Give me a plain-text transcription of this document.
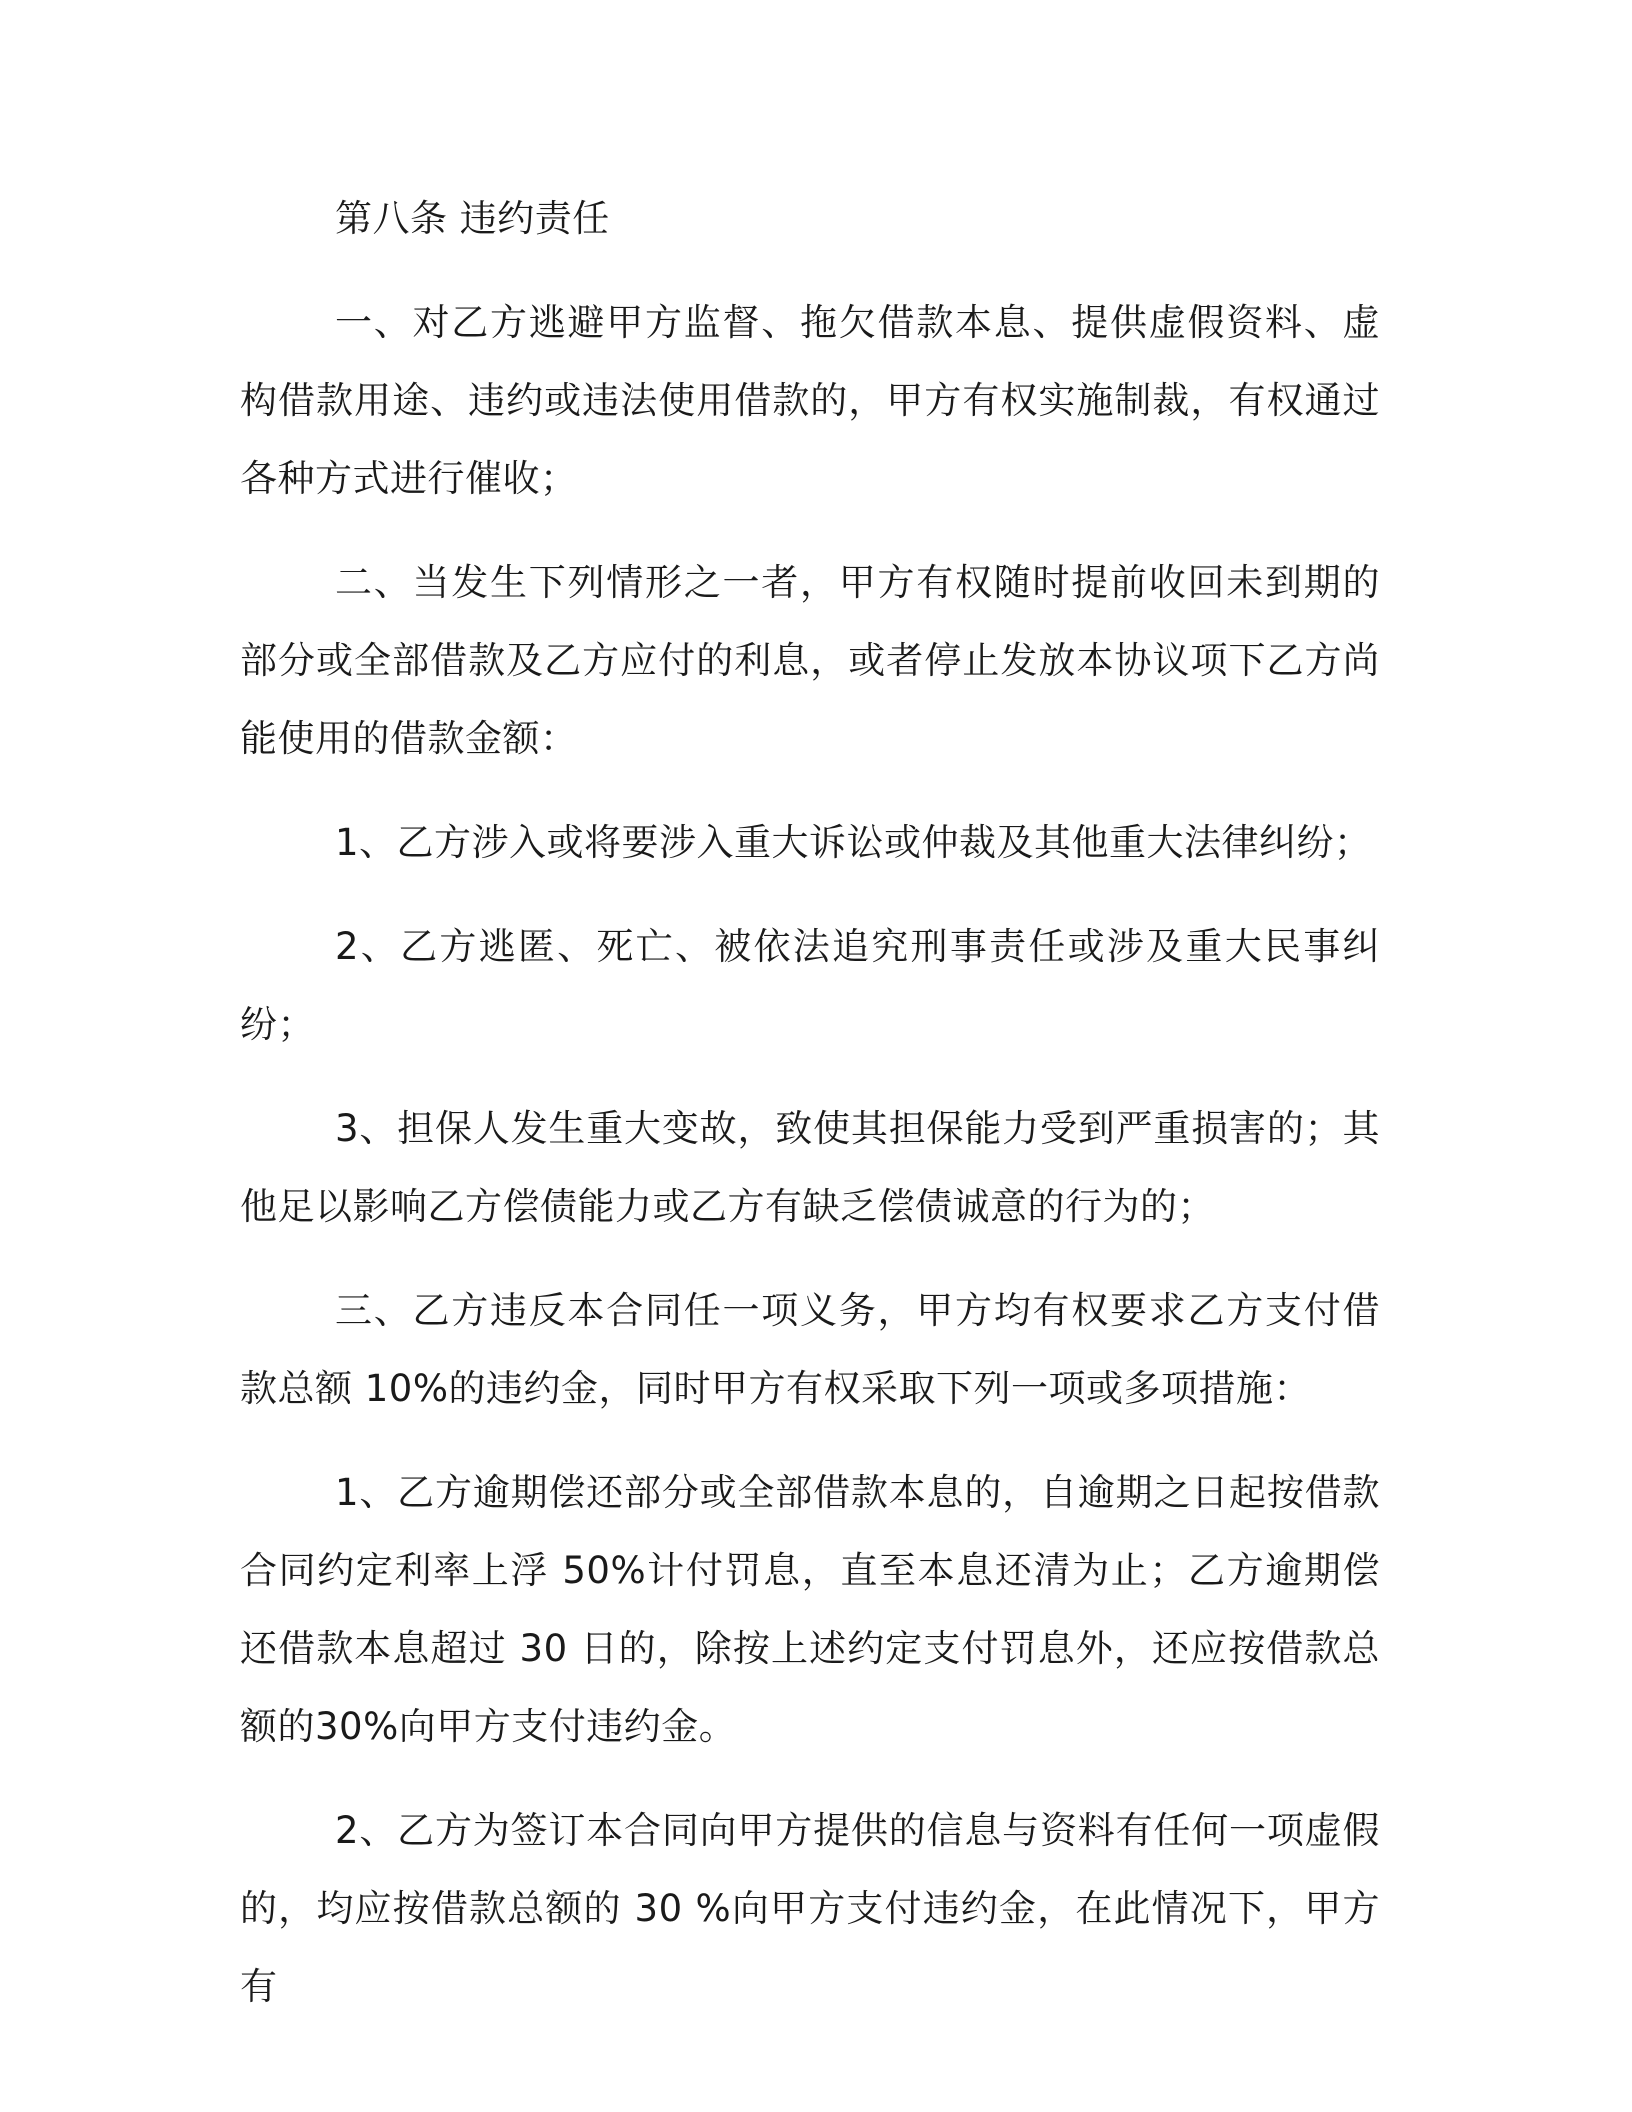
第八条 违约责任

一、对乙方逃避甲方监督、拖欠借款本息、提供虚假资料、虚构借款用途、违约或违法使用借款的，甲方有权实施制裁，有权通过各种方式进行催收；

二、当发生下列情形之一者，甲方有权随时提前收回未到期的部分或全部借款及乙方应付的利息，或者停止发放本协议项下乙方尚能使用的借款金额：

1、乙方涉入或将要涉入重大诉讼或仲裁及其他重大法律纠纷；

2、乙方逃匿、死亡、被依法追究刑事责任或涉及重大民事纠纷；

3、担保人发生重大变故，致使其担保能力受到严重损害的；其他足以影响乙方偿债能力或乙方有缺乏偿债诚意的行为的；

三、乙方违反本合同任一项义务，甲方均有权要求乙方支付借款总额 10%的违约金，同时甲方有权采取下列一项或多项措施：

1、乙方逾期偿还部分或全部借款本息的，自逾期之日起按借款合同约定利率上浮 50%计付罚息，直至本息还清为止；乙方逾期偿还借款本息超过 30 日的，除按上述约定支付罚息外，还应按借款总额的30%向甲方支付违约金。

2、乙方为签订本合同向甲方提供的信息与资料有任何一项虚假的，均应按借款总额的 30 %向甲方支付违约金，在此情况下，甲方有
